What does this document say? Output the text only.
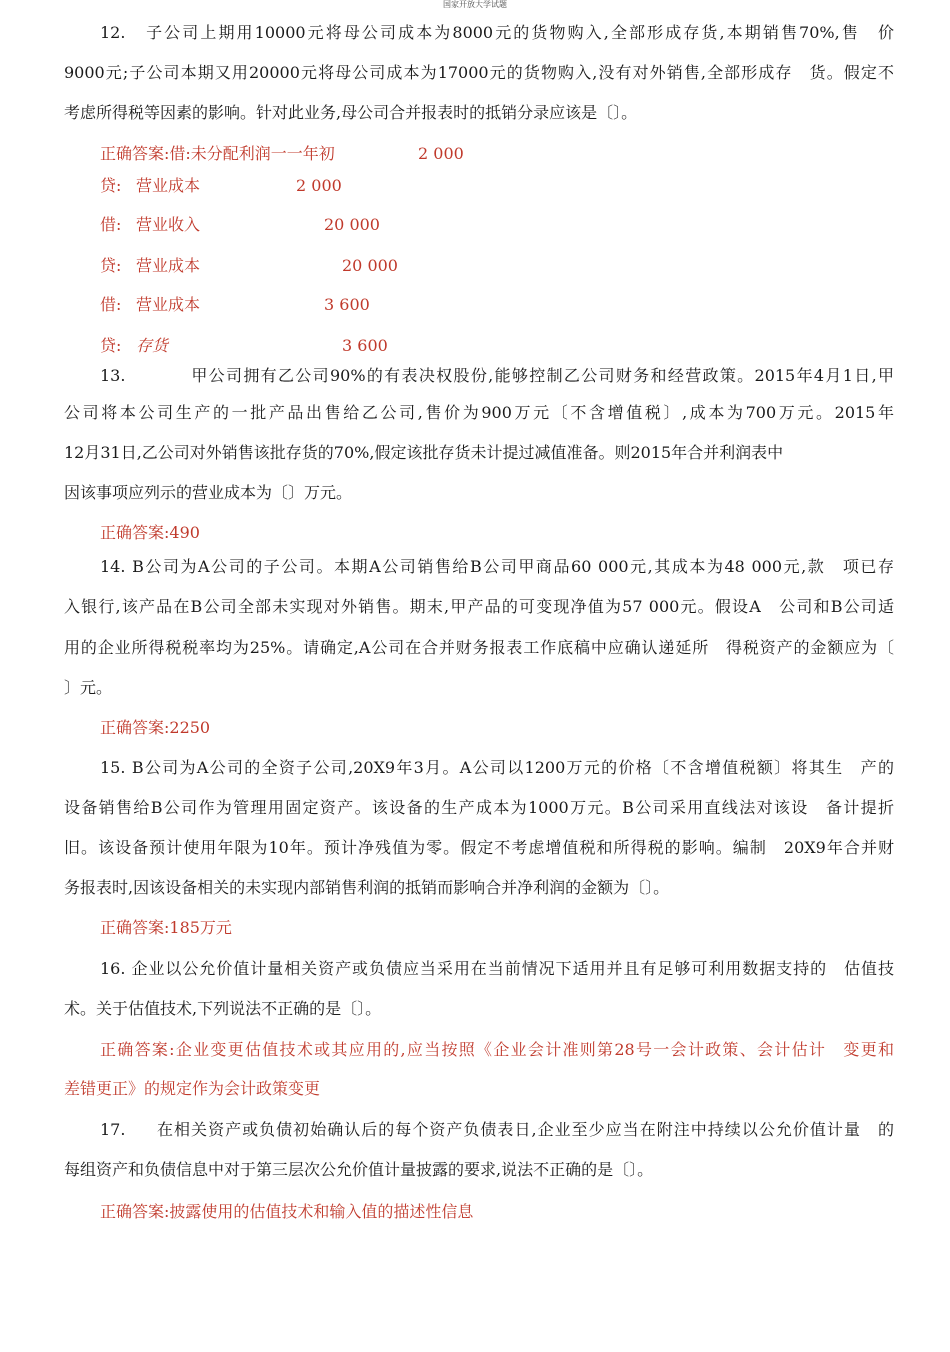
国家开放大学试题
12. 子公司上期用10000元将母公司成本为8000元的货物购入,全部形成存货,本期销售70%,售　价
9000元;子公司本期又用20000元将母公司成本为17000元的货物购入,没有对外销售,全部形成存　货。假定不
考虑所得税等因素的影响。针对此业务,母公司合并报表时的抵销分录应该是〔〕。
正确答案:借:未分配利润一一年初	2 000
贷: 营业成本	2 000
借: 营业收入	20 000
贷: 营业成本	20 000
借: 营业成本	3 600
贷: 存货	3 600
13.	甲公司拥有乙公司90%的有表决权股份,能够控制乙公司财务和经营政策。2015年4月1日,甲
公司将本公司生产的一批产品出售给乙公司,售价为900万元〔不含增值税〕,成本为700万元。2015年
12月31日,乙公司对外销售该批存货的70%,假定该批存货未计提过减值准备。则2015年合并利润表中
因该事项应列示的营业成本为〔〕万元。
正确答案:490
14. B公司为A公司的子公司。本期A公司销售给B公司甲商品60 000元,其成本为48 000元,款　项已存
入银行,该产品在B公司全部未实现对外销售。期末,甲产品的可变现净值为57 000元。假设A　公司和B公司适
用的企业所得税税率均为25%。请确定,A公司在合并财务报表工作底稿中应确认递延所　得税资产的金额应为〔
〕元。
正确答案:2250
15. B公司为A公司的全资子公司,20X9年3月。A公司以1200万元的价格〔不含增值税额〕将其生　产的
设备销售给B公司作为管理用固定资产。该设备的生产成本为1000万元。B公司采用直线法对该设　备计提折
旧。该设备预计使用年限为10年。预计净残值为零。假定不考虑增值税和所得税的影响。编制　20X9年合并财
务报表时,因该设备相关的未实现内部销售利润的抵销而影响合并净利润的金额为〔〕。
正确答案:185万元
16. 企业以公允价值计量相关资产或负债应当采用在当前情况下适用并且有足够可利用数据支持的　估值技
术。关于估值技术,下列说法不正确的是〔〕。
正确答案:企业变更估值技术或其应用的,应当按照《企业会计准则第28号一会计政策、会计估计　变更和
差错更正》的规定作为会计政策变更
17. 在相关资产或负债初始确认后的每个资产负债表日,企业至少应当在附注中持续以公允价值计量　的
每组资产和负债信息中对于第三层次公允价值计量披露的要求,说法不正确的是〔〕。
正确答案:披露使用的估值技术和输入值的描述性信息
